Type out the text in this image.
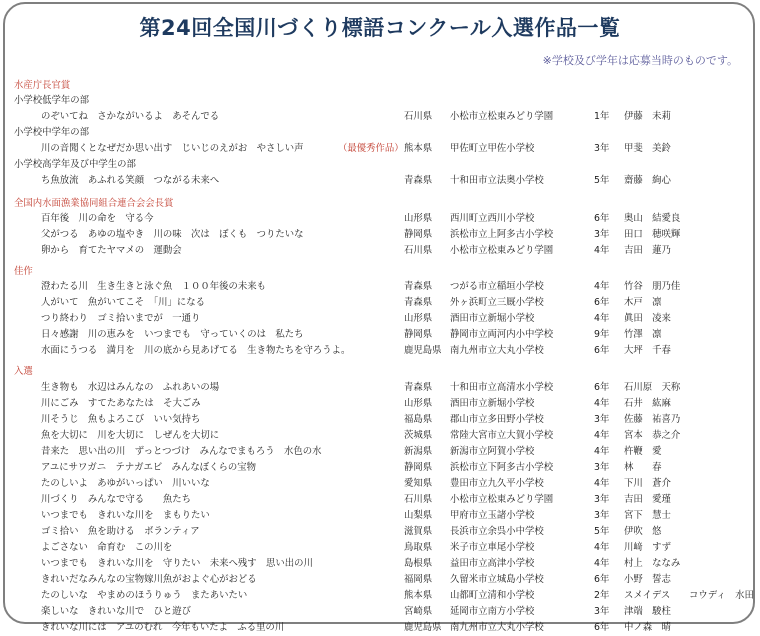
第24回全国川づくり標語コンクール入選作品一覧
※学校及び学年は応募当時のものです。
水産庁長官賞
小学校低学年の部
のぞいてね　さかながいるよ　あそんでる	石川県 小松市立松東みどり学園	1年 伊藤　未莉
小学校中学年の部
川の音聞くとなぜだか思い出す　じいじのえがお　やさしい声	（最優秀作品） 熊本県 甲佐町立甲佐小学校	3年 甲斐　美鈴
小学校高学年及び中学生の部
ち魚放流　あふれる笑顔　つながる未来へ	青森県 十和田市立法奥小学校	5年 齋藤　絢心
全国内水面漁業協同組合連合会会長賞
百年後　川の命を　守る今	山形県 西川町立西川小学校	6年 奥山　結愛良
父がつる　あゆの塩やき　川の味　次は　ぼくも　つりたいな	静岡県 浜松市立上阿多古小学校	3年 田口　穂咲輝
卵から　育てたヤマメの　運動会	石川県 小松市立松東みどり学園	4年 吉田　蓮乃
佳作
澄わたる川　生き生きと泳ぐ魚　１００年後の未来も	青森県 つがる市立稲垣小学校	4年 竹谷　朋乃佳
人がいて　魚がいてこそ　「川」になる	青森県 外ヶ浜町立三厩小学校	6年 木戸　凛
つり終わり　ゴミ拾いまでが　一通り	山形県 酒田市立新堀小学校	4年 眞田　凌来
日々感謝　川の恵みを　いつまでも　守っていくのは　私たち	静岡県 静岡市立両河内小中学校	9年 竹澤　凛
水面にうつる　満月を　川の底から見あげてる　生き物たちを守ろうよ。	鹿児島県 南九州市立大丸小学校	6年 大坪　千春
入選
生き物も　水辺はみんなの　ふれあいの場	青森県 十和田市立高清水小学校	6年 石川原　天称
川にごみ　すてたあなたは　そ大ごみ	山形県 酒田市立新堀小学校	4年 石井　紘麻
川そうじ　魚もよろこび　いい気持ち	福島県 郡山市立多田野小学校	3年 佐藤　祐喜乃
魚を大切に　川を大切に　しぜんを大切に	茨城県 常陸大宮市立大賀小学校	4年 宮本　恭之介
昔来た　思い出の川　ずっとつづけ　みんなでまもろう　水色の水	新潟県 新潟市立阿賀小学校	4年 杵鞭　愛
アユにサワガニ　テナガエビ　みんなぼくらの宝物	静岡県 浜松市立下阿多古小学校	3年 林　　春
たのしいよ　あゆがいっぱい　川いいな	愛知県 豊田市立九久平小学校	4年 下川　蒼介
川づくり　みんなで守る　　魚たち	石川県 小松市立松東みどり学園	3年 吉田　愛瑾
いつまでも　きれいな川を　まもりたい	山梨県 甲府市立玉諸小学校	3年 宮下　慧士
ゴミ拾い　魚を助ける　ボランティア	滋賀県 長浜市立余呉小中学校	5年 伊吹　悠
よごさない　命育む　この川を	鳥取県 米子市立車尾小学校	4年 川﨑　すず
いつまでも　きれいな川を　守りたい　未来へ残す　思い出の川	島根県 益田市立高津小学校	4年 村上　ななみ
きれいだなみんなの宝物嫁川魚がおよぐ心がおどる	福岡県 久留米市立城島小学校	6年 小野　誓志
たのしいな　やまめのほうりゅう　またあいたい	熊本県 山都町立清和小学校	2年 スメイデス　　コウディ　水田
楽しいな　きれいな川で　ひと遊び	宮崎県 延岡市立南方小学校	3年 津端　駿柱
きれいな川には　アユのむれ　今年もいたよ　ふる里の川	鹿児島県 南九州市立大丸小学校	6年 中ノ森　晴
